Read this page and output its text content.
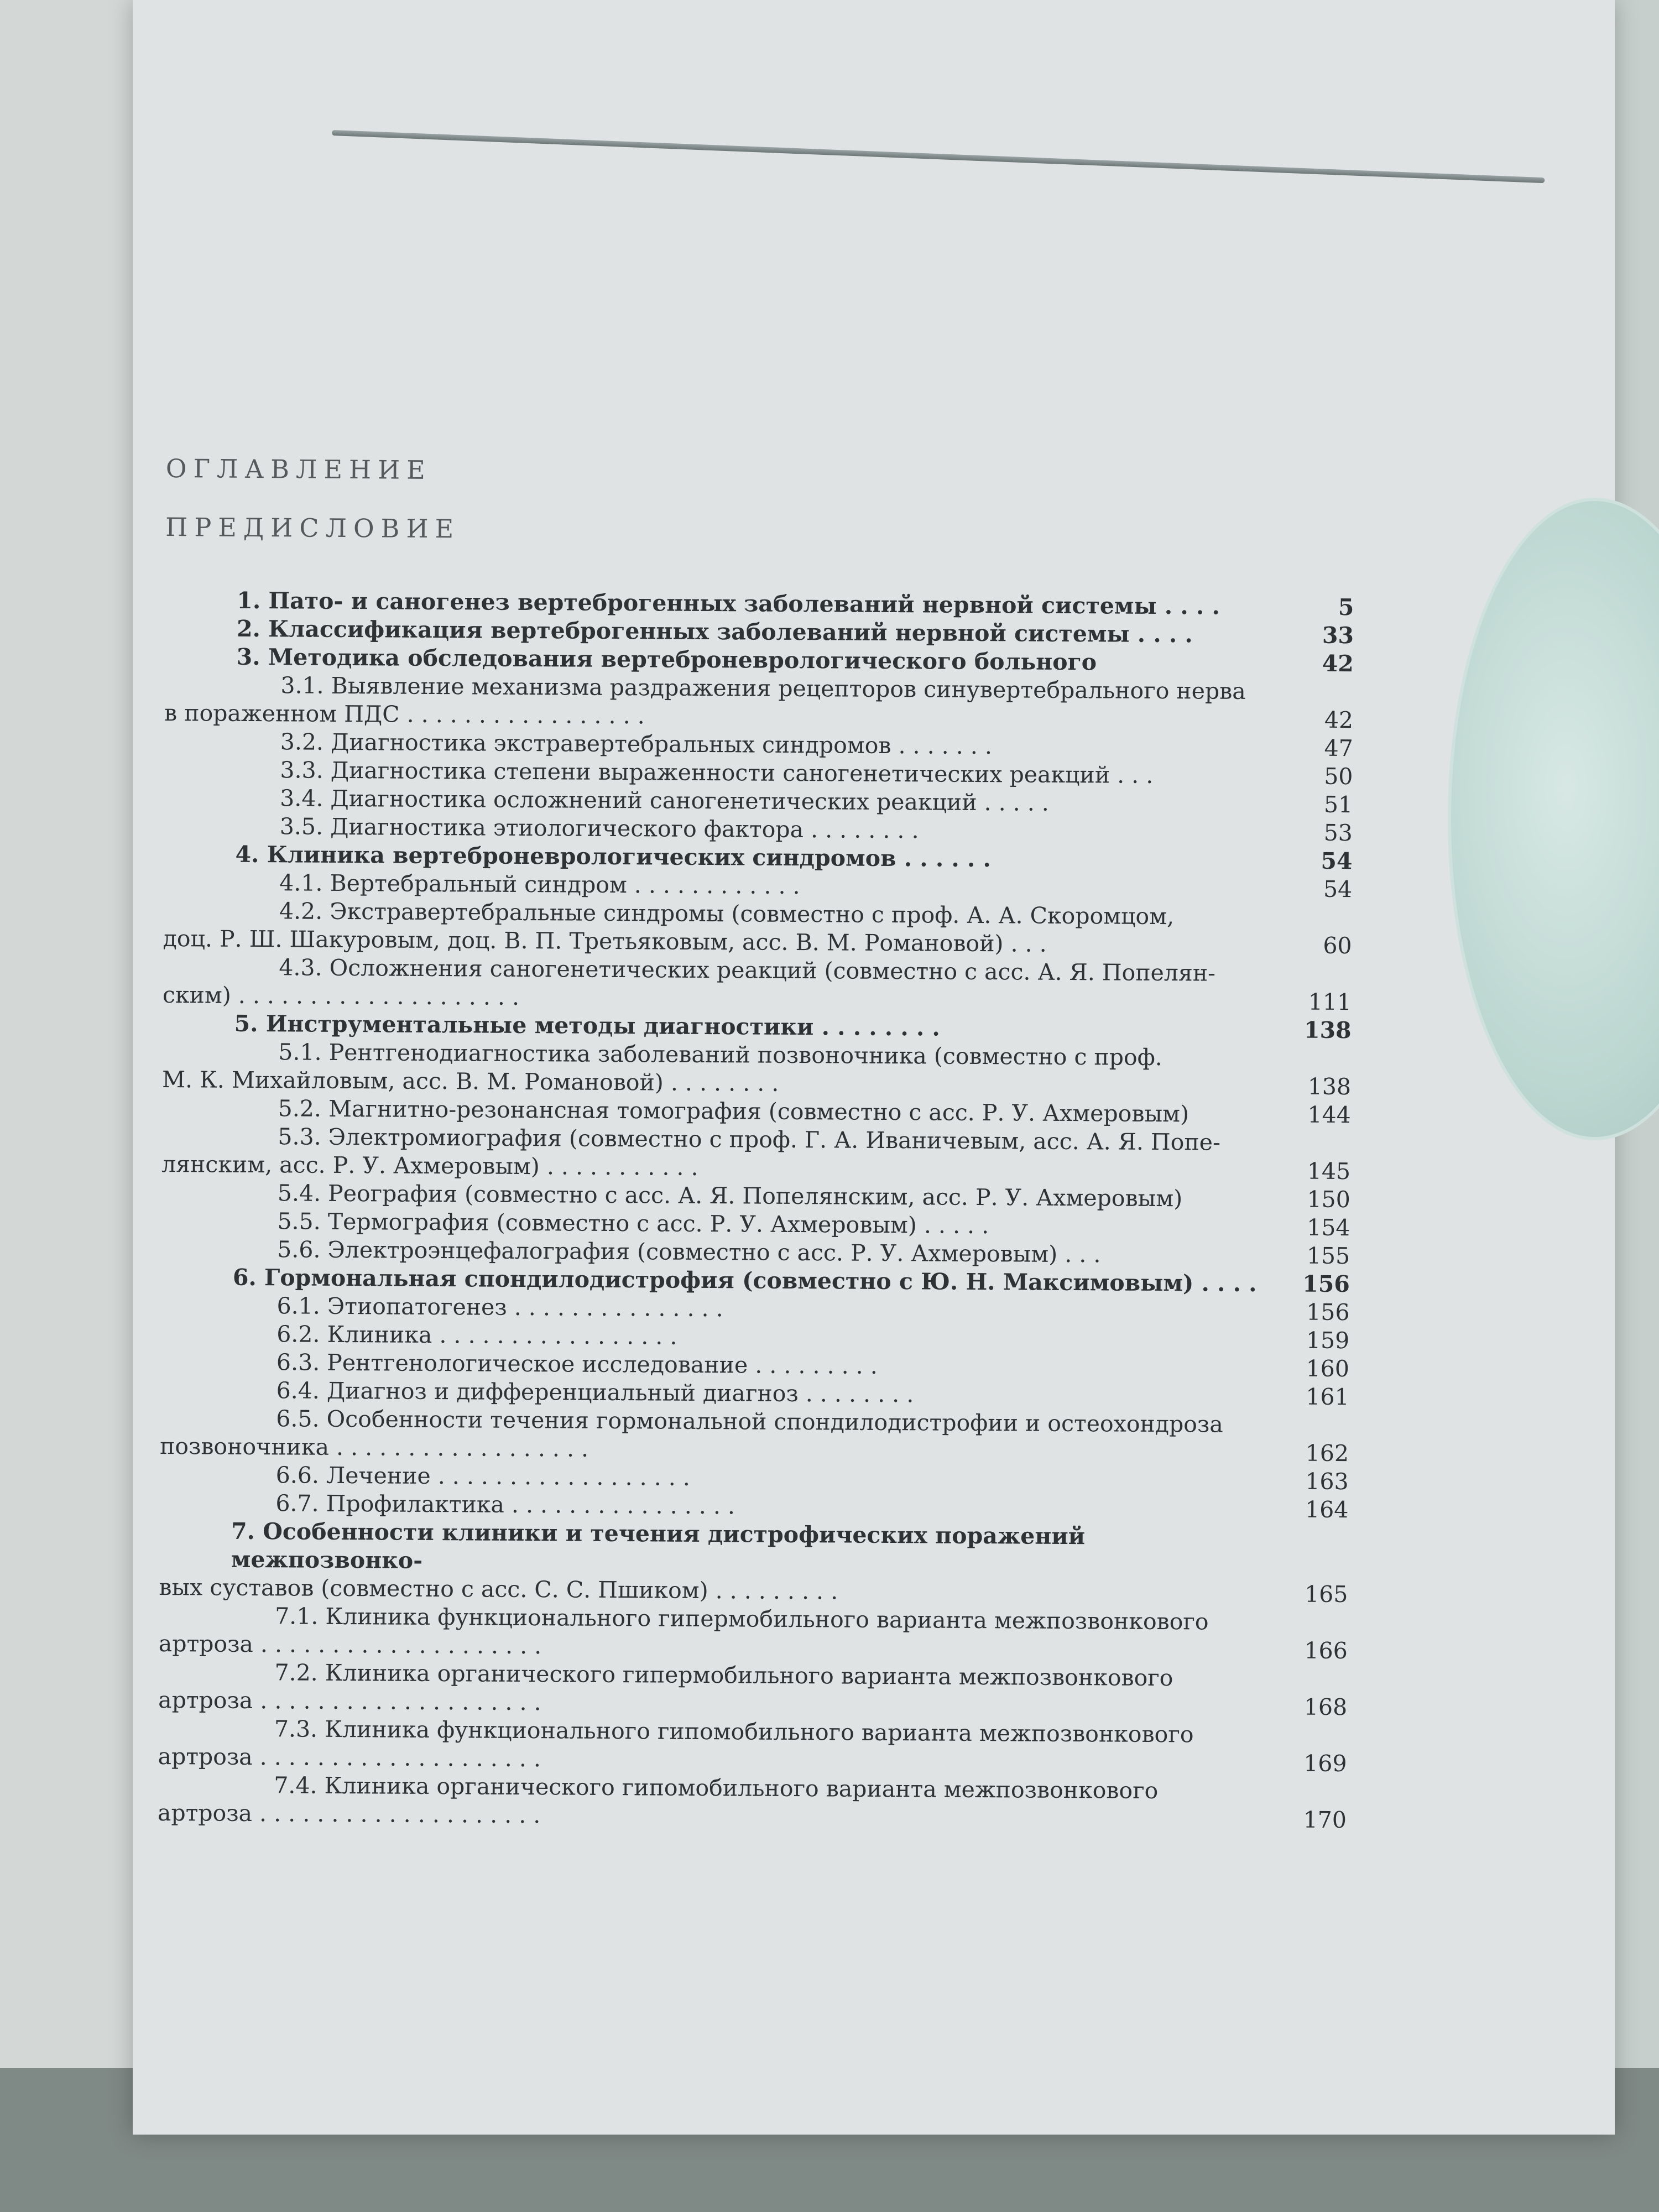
ОГЛАВЛЕНИЕ

ПРЕДИСЛОВИЕ

1. Пато- и саногенез вертеброгенных заболеваний нервной системы . . . .	5
2. Классификация вертеброгенных заболеваний нервной системы . . . .	33
3. Методика обследования вертеброневрологического больного	42
3.1. Выявление механизма раздражения рецепторов синувертебрального нерва
в пораженном ПДС . . . . . . . . . . . . . . . . .	42
3.2. Диагностика экстравертебральных синдромов . . . . . . .	47
3.3. Диагностика степени выраженности саногенетических реакций . . .	50
3.4. Диагностика осложнений саногенетических реакций . . . . .	51
3.5. Диагностика этиологического фактора . . . . . . . .	53
4. Клиника вертеброневрологических синдромов . . . . . .	54
4.1. Вертебральный синдром . . . . . . . . . . . .	54
4.2. Экстравертебральные синдромы (совместно с проф. А. А. Скоромцом,
доц. Р. Ш. Шакуровым, доц. В. П. Третьяковым, асс. В. М. Романовой) . . .	60
4.3. Осложнения саногенетических реакций (совместно с асс. А. Я. Попелян-
ским) . . . . . . . . . . . . . . . . . . . .	111
5. Инструментальные методы диагностики . . . . . . . .	138
5.1. Рентгенодиагностика заболеваний позвоночника (совместно с проф.
М. К. Михайловым, асс. В. М. Романовой) . . . . . . . .	138
5.2. Магнитно-резонансная томография (совместно с асс. Р. У. Ахмеровым)	144
5.3. Электромиография (совместно с проф. Г. А. Иваничевым, асс. А. Я. Попе-
лянским, асс. Р. У. Ахмеровым) . . . . . . . . . . .	145
5.4. Реография (совместно с асс. А. Я. Попелянским, асс. Р. У. Ахмеровым)	150
5.5. Термография (совместно с асс. Р. У. Ахмеровым) . . . . .	154
5.6. Электроэнцефалография (совместно с асс. Р. У. Ахмеровым) . . .	155
6. Гормональная спондилодистрофия (совместно с Ю. Н. Максимовым) . . . .	156
6.1. Этиопатогенез . . . . . . . . . . . . . . .	156
6.2. Клиника . . . . . . . . . . . . . . . . .	159
6.3. Рентгенологическое исследование . . . . . . . . .	160
6.4. Диагноз и дифференциальный диагноз . . . . . . . .	161
6.5. Особенности течения гормональной спондилодистрофии и остеохондроза
позвоночника . . . . . . . . . . . . . . . . . .	162
6.6. Лечение . . . . . . . . . . . . . . . . . .	163
6.7. Профилактика . . . . . . . . . . . . . . . .	164
7. Особенности клиники и течения дистрофических поражений межпозвонко-
вых суставов (совместно с асс. С. С. Пшиком) . . . . . . . . .	165
7.1. Клиника функционального гипермобильного варианта межпозвонкового
артроза . . . . . . . . . . . . . . . . . . . .	166
7.2. Клиника органического гипермобильного варианта межпозвонкового
артроза . . . . . . . . . . . . . . . . . . . .	168
7.3. Клиника функционального гипомобильного варианта межпозвонкового
артроза . . . . . . . . . . . . . . . . . . . .	169
7.4. Клиника органического гипомобильного варианта межпозвонкового
артроза . . . . . . . . . . . . . . . . . . . .	170
